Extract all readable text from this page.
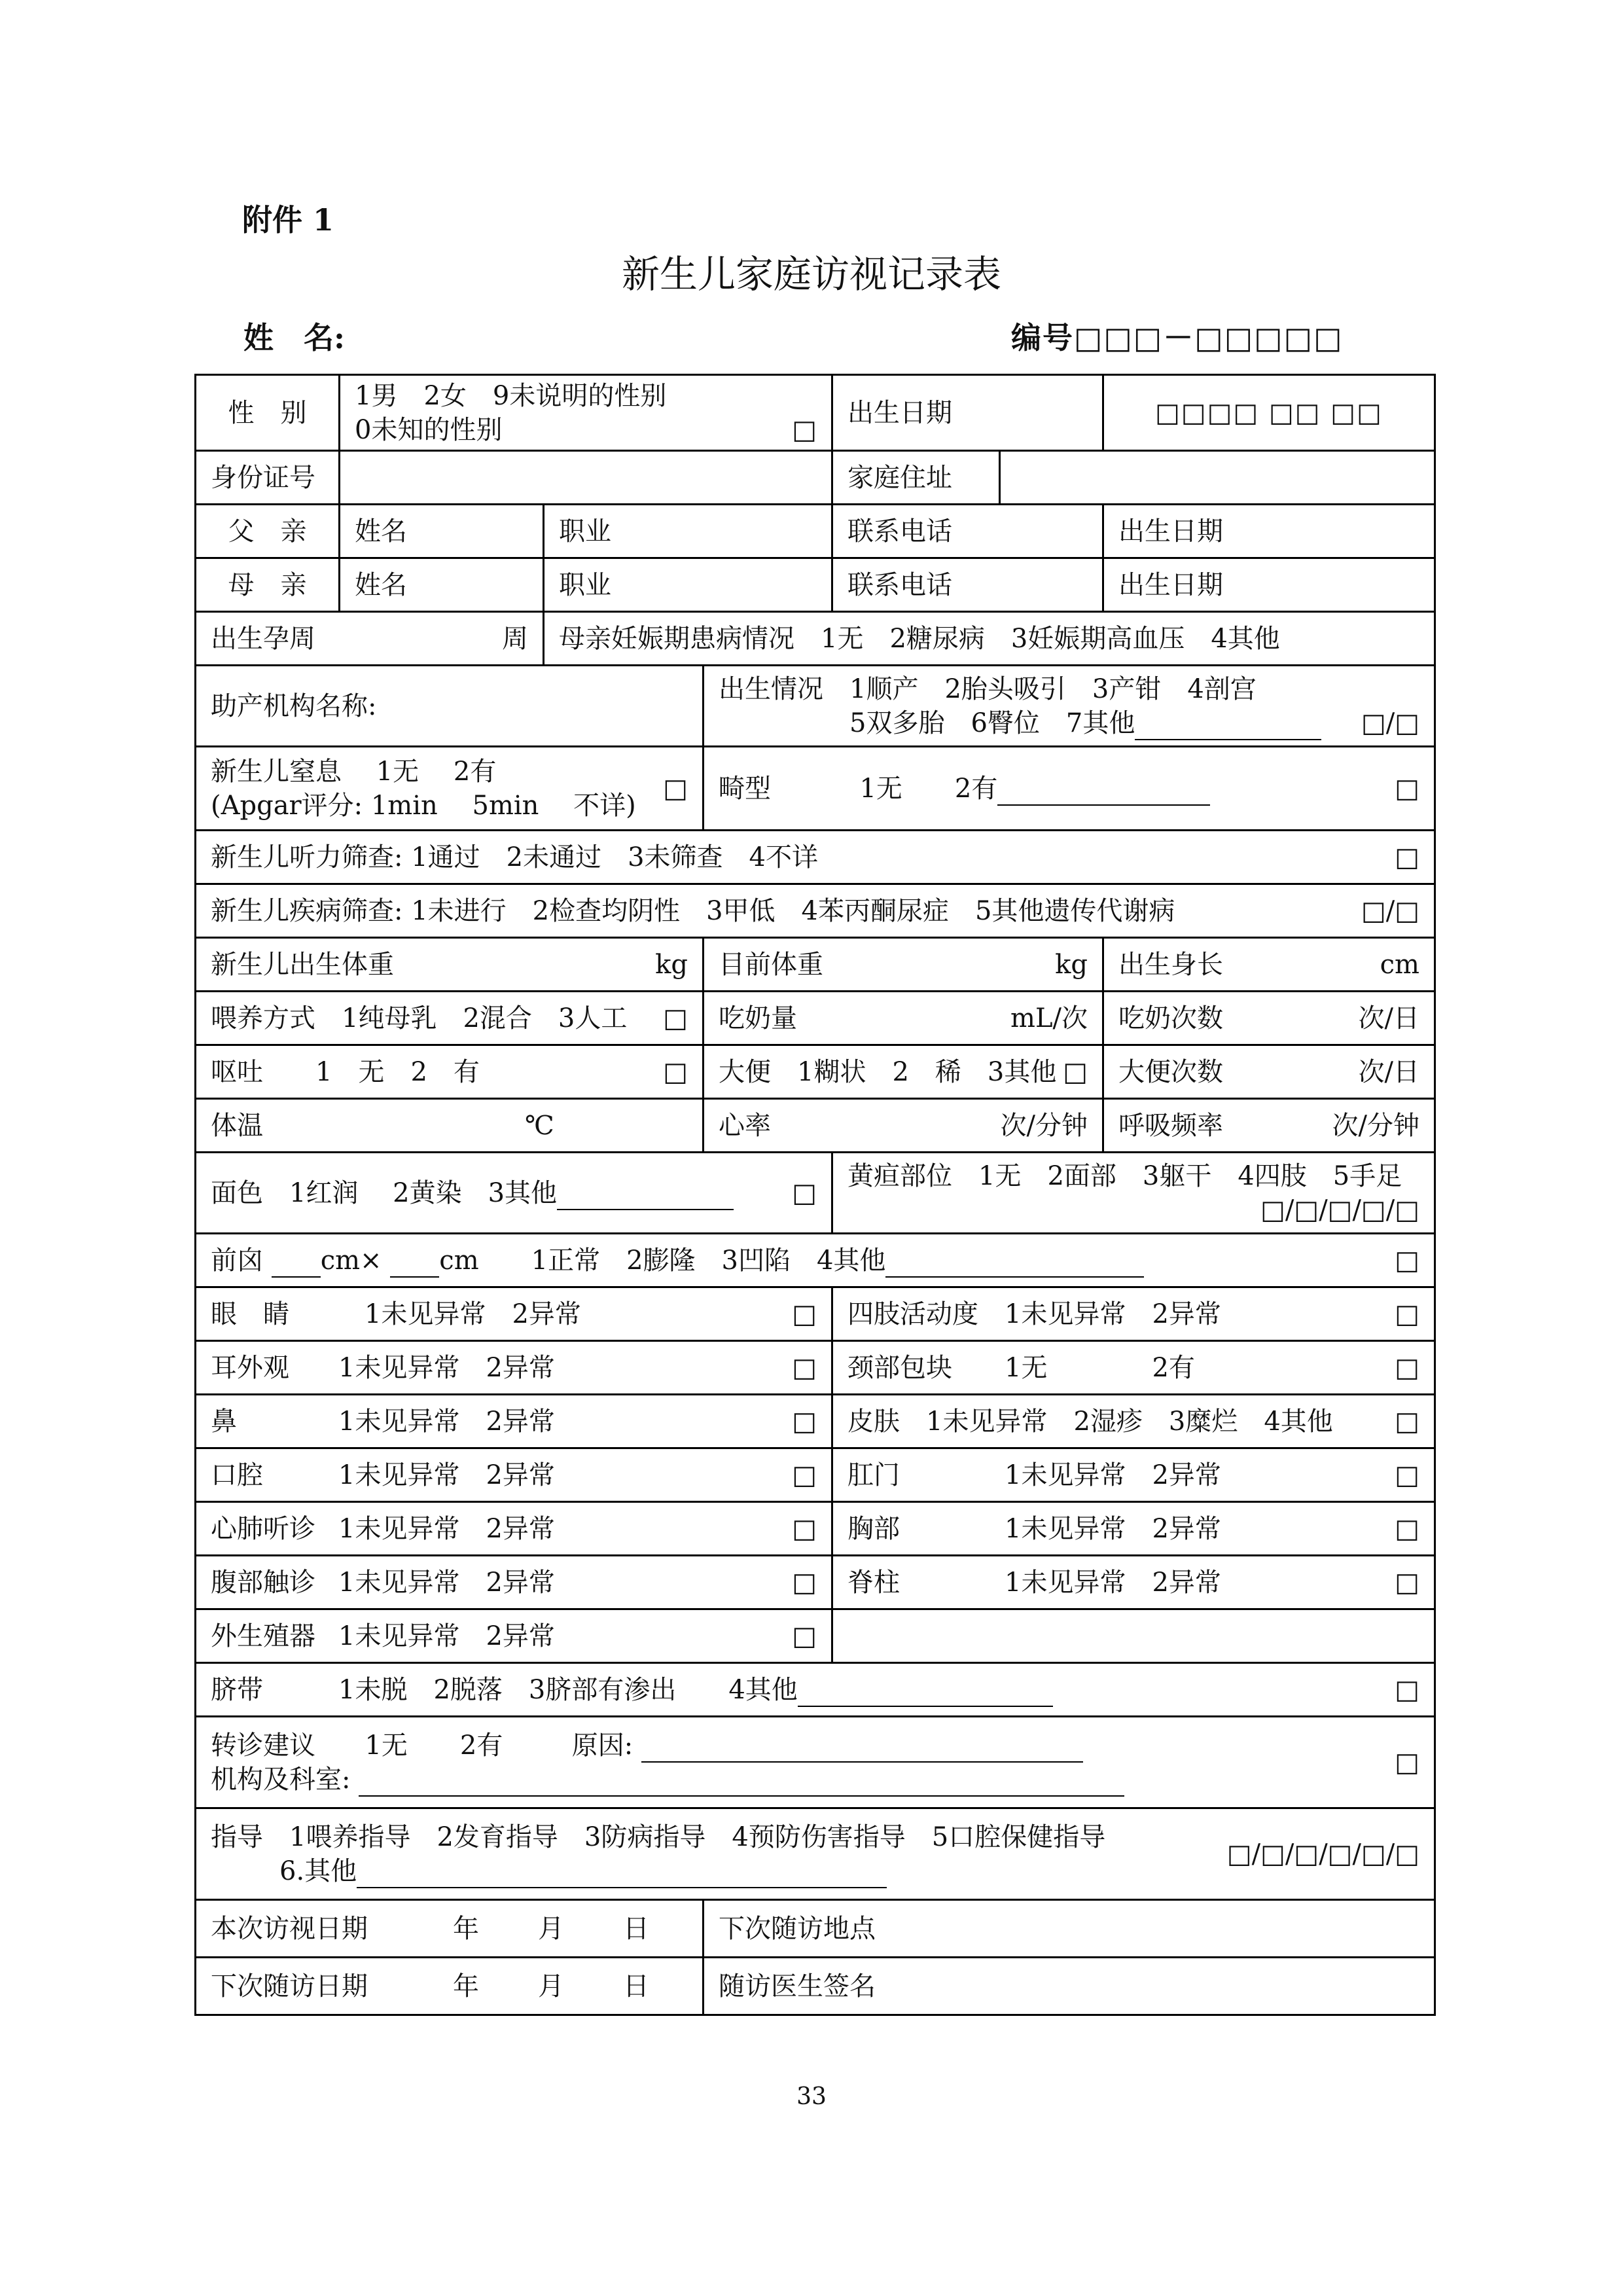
附件 1
新生儿家庭访视记录表
姓　名:	编号□□□－□□□□□
性　别	1男　2女　9未说明的性别
0未知的性别 □			出生日期		□□□□ □□ □□
身份证号				家庭住址		
父　亲	姓名	职业		联系电话		出生日期
母　亲	姓名	职业		联系电话		出生日期

出生孕周 周		母亲妊娠期患病情况　1无　2糖尿病　3妊娠期高血压　4其他				
助产机构名称:			出生情况　1顺产　2胎头吸引　3产钳　4剖宫
5双多胎　6臀位　7其他 □/□			

新生儿窒息　 1无　 2有
(Apgar评分: 1min　 5min　 不详)
□			畸型 1无　　2有 □			

新生儿听力筛查: 1通过　2未通过　3未筛查　4不详 □						

新生儿疾病筛查: 1未进行　2检查均阴性　3甲低　4苯丙酮尿症　5其他遗传代谢病 □/□						

新生儿出生体重 kg			目前体重 kg			出生身长 cm

喂养方式　1纯母乳　2混合　3人工 □			吃奶量 mL/次			吃奶次数 次/日

呕吐　　1　无　2　有 □			大便　1糊状　2　稀　3其他 □			大便次数 次/日

体温 ℃			心率 次/分钟			呼吸频率 次/分钟

面色　1红润　 2黄染　3其他 □				黄疸部位　1无　2面部　3躯干　4四肢　5手足
□/□/□/□/□		

前囟 cm× cm　　1正常　2膨隆　3凹陷　4其他 □						

眼　睛 1未见异常　2异常 □				四肢活动度　1未见异常　2异常 □		

耳外观 1未见异常　2异常 □				颈部包块 1无　　　　2有 □		

鼻 1未见异常　2异常 □				皮肤　1未见异常　2湿疹　3糜烂　4其他 □		

口腔 1未见异常　2异常 □				肛门 1未见异常　2异常 □		

心肺听诊 1未见异常　2异常 □				胸部 1未见异常　2异常 □		

腹部触诊 1未见异常　2异常 □				脊柱 1未见异常　2异常 □		

外生殖器 1未见异常　2异常 □						

脐带 1未脱　2脱落　3脐部有渗出　　4其他 □						

转诊建议 1无　　2有 原因:
机构及科室:
□						

指导　1喂养指导　2发育指导　3防病指导　4预防伤害指导　5口腔保健指导
6.其他
□/□/□/□/□/□						

本次访视日期 年 月 日			下次随访地点			
下次随访日期 年 月 日			随访医生签名			
33
